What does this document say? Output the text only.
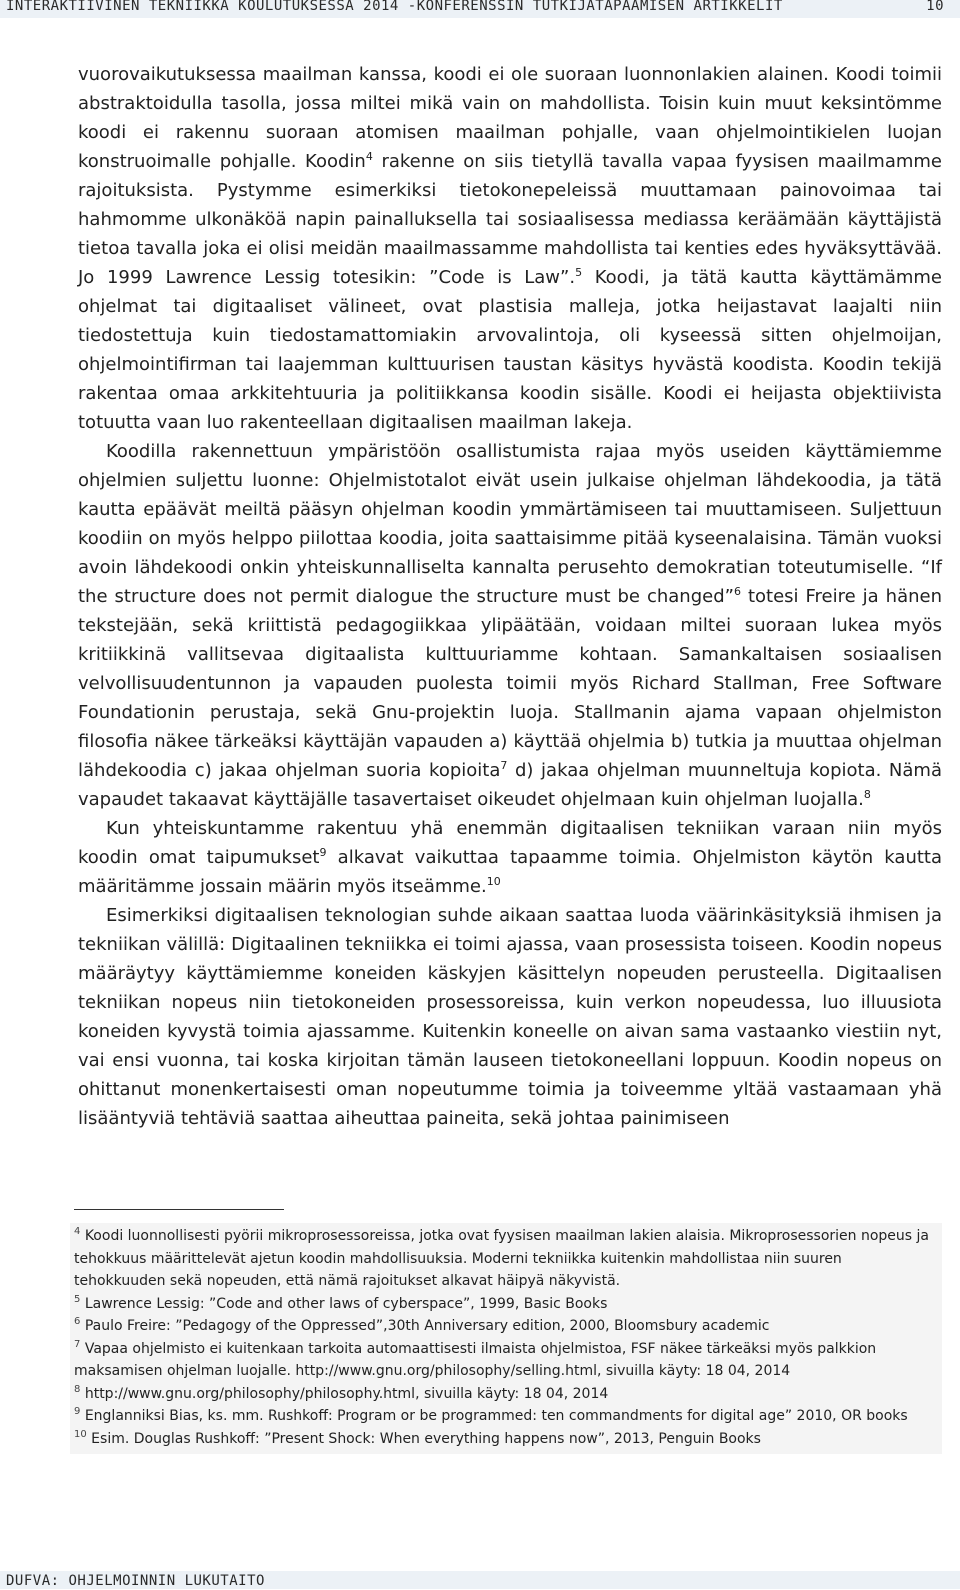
INTERAKTIIVINEN TEKNIIKKA KOULUTUKSESSA 2014 -KONFERENSSIN TUTKIJATAPAAMISEN ARTIKKELIT	10

vuorovaikutuksessa maailman kanssa, koodi ei ole suoraan luonnonlakien alainen. Koodi toimii abstraktoidulla tasolla, jossa miltei mikä vain on mahdollista. Toisin kuin muut keksintömme koodi ei rakennu suoraan atomisen maailman pohjalle, vaan ohjelmointikielen luojan konstruoimalle pohjalle. Koodin$^4$ rakenne on siis tietyllä tavalla vapaa fyysisen maailmamme rajoituksista. Pystymme esimerkiksi tietokonepeleissä muuttamaan painovoimaa tai hahmomme ulkonäköä napin painalluksella tai sosiaalisessa mediassa keräämään käyttäjistä tietoa tavalla joka ei olisi meidän maailmassamme mahdollista tai kenties edes hyväksyttävää. Jo 1999 Lawrence Lessig totesikin: ”Code is Law”.$^5$ Koodi, ja tätä kautta käyttämämme ohjelmat tai digitaaliset välineet, ovat plastisia malleja, jotka heijastavat laajalti niin tiedostettuja kuin tiedostamattomiakin arvovalintoja, oli kyseessä sitten ohjelmoijan, ohjelmointifirman tai laajemman kulttuurisen taustan käsitys hyvästä koodista. Koodin tekijä rakentaa omaa arkkitehtuuria ja politiikkansa koodin sisälle. Koodi ei heijasta objektiivista totuutta vaan luo rakenteellaan digitaalisen maailman lakeja.

Koodilla rakennettuun ympäristöön osallistumista rajaa myös useiden käyttämiemme ohjelmien suljettu luonne: Ohjelmistotalot eivät usein julkaise ohjelman lähdekoodia, ja tätä kautta epäävät meiltä pääsyn ohjelman koodin ymmärtämiseen tai muuttamiseen. Suljettuun koodiin on myös helppo piilottaa koodia, joita saattaisimme pitää kyseenalaisina. Tämän vuoksi avoin lähdekoodi onkin yhteiskunnalliselta kannalta perusehto demokratian toteutumiselle. “If the structure does not permit dialogue the structure must be changed”$^6$ totesi Freire ja hänen tekstejään, sekä kriittistä pedagogiikkaa ylipäätään, voidaan miltei suoraan lukea myös kritiikkinä vallitsevaa digitaalista kulttuuriamme kohtaan. Samankaltaisen sosiaalisen velvollisuudentunnon ja vapauden puolesta toimii myös Richard Stallman, Free Software Foundationin perustaja, sekä Gnu-projektin luoja. Stallmanin ajama vapaan ohjelmiston filosofia näkee tärkeäksi käyttäjän vapauden a) käyttää ohjelmia b) tutkia ja muuttaa ohjelman lähdekoodia c) jakaa ohjelman suoria kopioita$^7$ d) jakaa ohjelman muunneltuja kopiota. Nämä vapaudet takaavat käyttäjälle tasavertaiset oikeudet ohjelmaan kuin ohjelman luojalla.$^8$

Kun yhteiskuntamme rakentuu yhä enemmän digitaalisen tekniikan varaan niin myös koodin omat taipumukset$^9$ alkavat vaikuttaa tapaamme toimia. Ohjelmiston käytön kautta määritämme jossain määrin myös itseämme.$^{10}$

Esimerkiksi digitaalisen teknologian suhde aikaan saattaa luoda väärinkäsityksiä ihmisen ja tekniikan välillä: Digitaalinen tekniikka ei toimi ajassa, vaan prosessista toiseen. Koodin nopeus määräytyy käyttämiemme koneiden käskyjen käsittelyn nopeuden perusteella. Digitaalisen tekniikan nopeus niin tietokoneiden prosessoreissa, kuin verkon nopeudessa, luo illuusiota koneiden kyvystä toimia ajassamme. Kuitenkin koneelle on aivan sama vastaanko viestiin nyt, vai ensi vuonna, tai koska kirjoitan tämän lauseen tietokoneellani loppuun. Koodin nopeus on ohittanut monenkertaisesti oman nopeutumme toimia ja toiveemme yltää vastaamaan yhä lisääntyviä tehtäviä saattaa aiheuttaa paineita, sekä johtaa painimiseen

$^4$ Koodi luonnollisesti pyörii mikroprosessoreissa, jotka ovat fyysisen maailman lakien alaisia. Mikroprosessorien nopeus ja tehokkuus määrittelevät ajetun koodin mahdollisuuksia. Moderni tekniikka kuitenkin mahdollistaa niin suuren tehokkuuden sekä nopeuden, että nämä rajoitukset alkavat häipyä näkyvistä.

$^5$ Lawrence Lessig: ”Code and other laws of cyberspace”, 1999, Basic Books

$^6$ Paulo Freire: ”Pedagogy of the Oppressed”,30th Anniversary edition, 2000, Bloomsbury academic

$^7$ Vapaa ohjelmisto ei kuitenkaan tarkoita automaattisesti ilmaista ohjelmistoa, FSF näkee tärkeäksi myös palkkion maksamisen ohjelman luojalle. http://www.gnu.org/philosophy/selling.html, sivuilla käyty: 18 04, 2014

$^8$ http://www.gnu.org/philosophy/philosophy.html, sivuilla käyty: 18 04, 2014

$^9$ Englanniksi Bias, ks. mm. Rushkoff: Program or be programmed: ten commandments for digital age” 2010, OR books

$^{10}$ Esim. Douglas Rushkoff: ”Present Shock: When everything happens now”, 2013, Penguin Books

DUFVA: OHJELMOINNIN LUKUTAITO
